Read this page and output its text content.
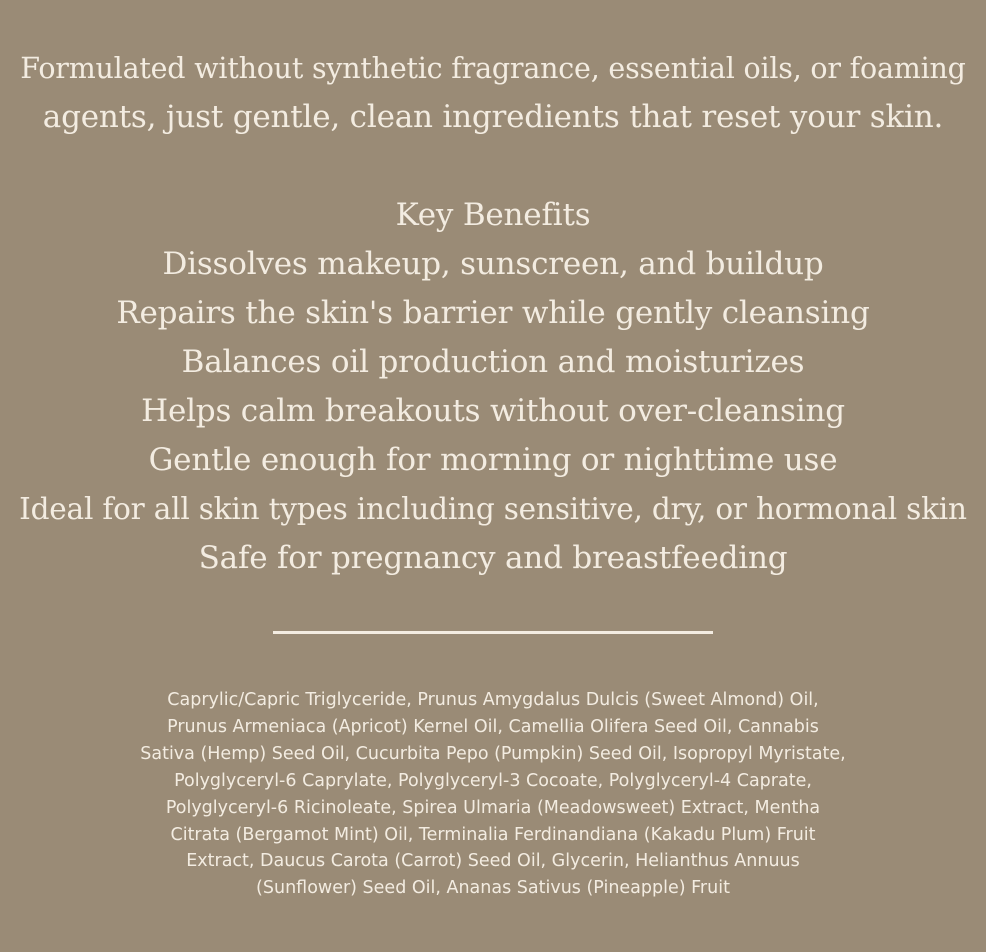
Formulated without synthetic fragrance, essential oils, or foaming
agents, just gentle, clean ingredients that reset your skin.

Key Benefits
Dissolves makeup, sunscreen, and buildup
Repairs the skin's barrier while gently cleansing
Balances oil production and moisturizes
Helps calm breakouts without over-cleansing
Gentle enough for morning or nighttime use
Ideal for all skin types including sensitive, dry, or hormonal skin
Safe for pregnancy and breastfeeding

Caprylic/Capric Triglyceride, Prunus Amygdalus Dulcis (Sweet Almond) Oil,
Prunus Armeniaca (Apricot) Kernel Oil, Camellia Olifera Seed Oil, Cannabis
Sativa (Hemp) Seed Oil, Cucurbita Pepo (Pumpkin) Seed Oil, Isopropyl Myristate,
Polyglyceryl-6 Caprylate, Polyglyceryl-3 Cocoate, Polyglyceryl-4 Caprate,
Polyglyceryl-6 Ricinoleate, Spirea Ulmaria (Meadowsweet) Extract, Mentha
Citrata (Bergamot Mint) Oil, Terminalia Ferdinandiana (Kakadu Plum) Fruit
Extract, Daucus Carota (Carrot) Seed Oil, Glycerin, Helianthus Annuus
(Sunflower) Seed Oil, Ananas Sativus (Pineapple) Fruit
